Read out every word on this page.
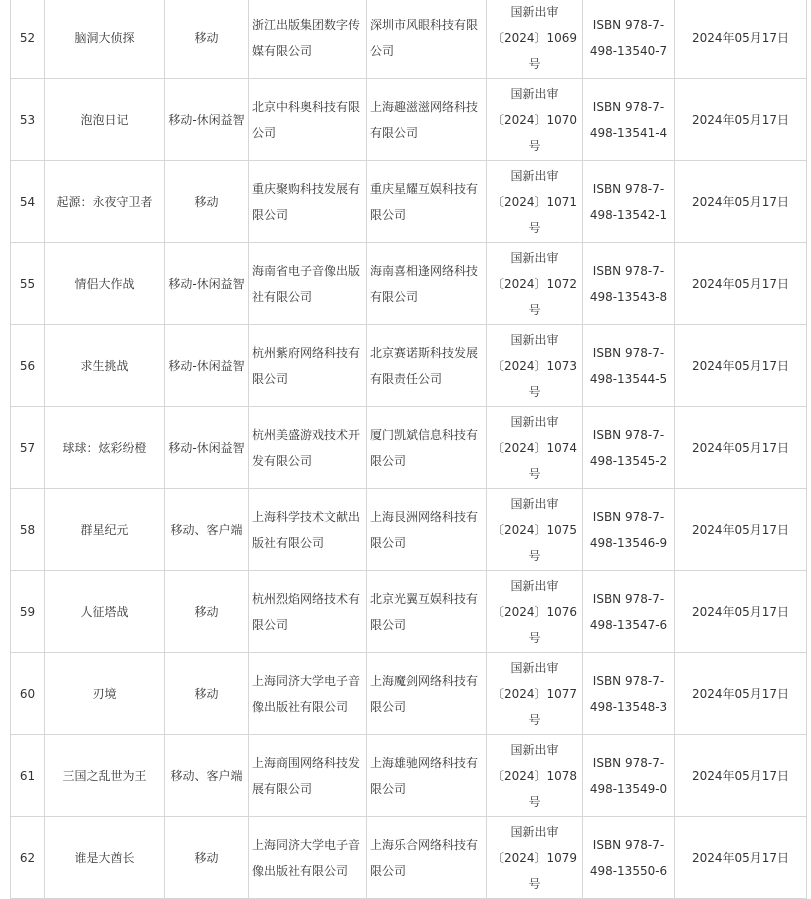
52	脑洞大侦探	移动	浙江出版集团数字传媒有限公司	深圳市风眼科技有限公司	国新出审
〔2024〕1069
号	ISBN 978-7-
498-13540-7	2024年05月17日
53	泡泡日记	移动-休闲益智	北京中科奥科技有限公司	上海趣滋滋网络科技有限公司	国新出审
〔2024〕1070
号	ISBN 978-7-
498-13541-4	2024年05月17日
54	起源：永夜守卫者	移动	重庆聚购科技发展有限公司	重庆星耀互娱科技有限公司	国新出审
〔2024〕1071
号	ISBN 978-7-
498-13542-1	2024年05月17日
55	情侣大作战	移动-休闲益智	海南省电子音像出版社有限公司	海南喜相逢网络科技有限公司	国新出审
〔2024〕1072
号	ISBN 978-7-
498-13543-8	2024年05月17日
56	求生挑战	移动-休闲益智	杭州紫府网络科技有限公司	北京赛诺斯科技发展有限责任公司	国新出审
〔2024〕1073
号	ISBN 978-7-
498-13544-5	2024年05月17日
57	球球：炫彩纷橙	移动-休闲益智	杭州美盛游戏技术开发有限公司	厦门凯斌信息科技有限公司	国新出审
〔2024〕1074
号	ISBN 978-7-
498-13545-2	2024年05月17日
58	群星纪元	移动、客户端	上海科学技术文献出版社有限公司	上海艮洲网络科技有限公司	国新出审
〔2024〕1075
号	ISBN 978-7-
498-13546-9	2024年05月17日
59	人征塔战	移动	杭州烈焰网络技术有限公司	北京光翼互娱科技有限公司	国新出审
〔2024〕1076
号	ISBN 978-7-
498-13547-6	2024年05月17日
60	刃境	移动	上海同济大学电子音像出版社有限公司	上海魔剑网络科技有限公司	国新出审
〔2024〕1077
号	ISBN 978-7-
498-13548-3	2024年05月17日
61	三国之乱世为王	移动、客户端	上海商围网络科技发展有限公司	上海雄驰网络科技有限公司	国新出审
〔2024〕1078
号	ISBN 978-7-
498-13549-0	2024年05月17日
62	谁是大酋长	移动	上海同济大学电子音像出版社有限公司	上海乐合网络科技有限公司	国新出审
〔2024〕1079
号	ISBN 978-7-
498-13550-6	2024年05月17日
